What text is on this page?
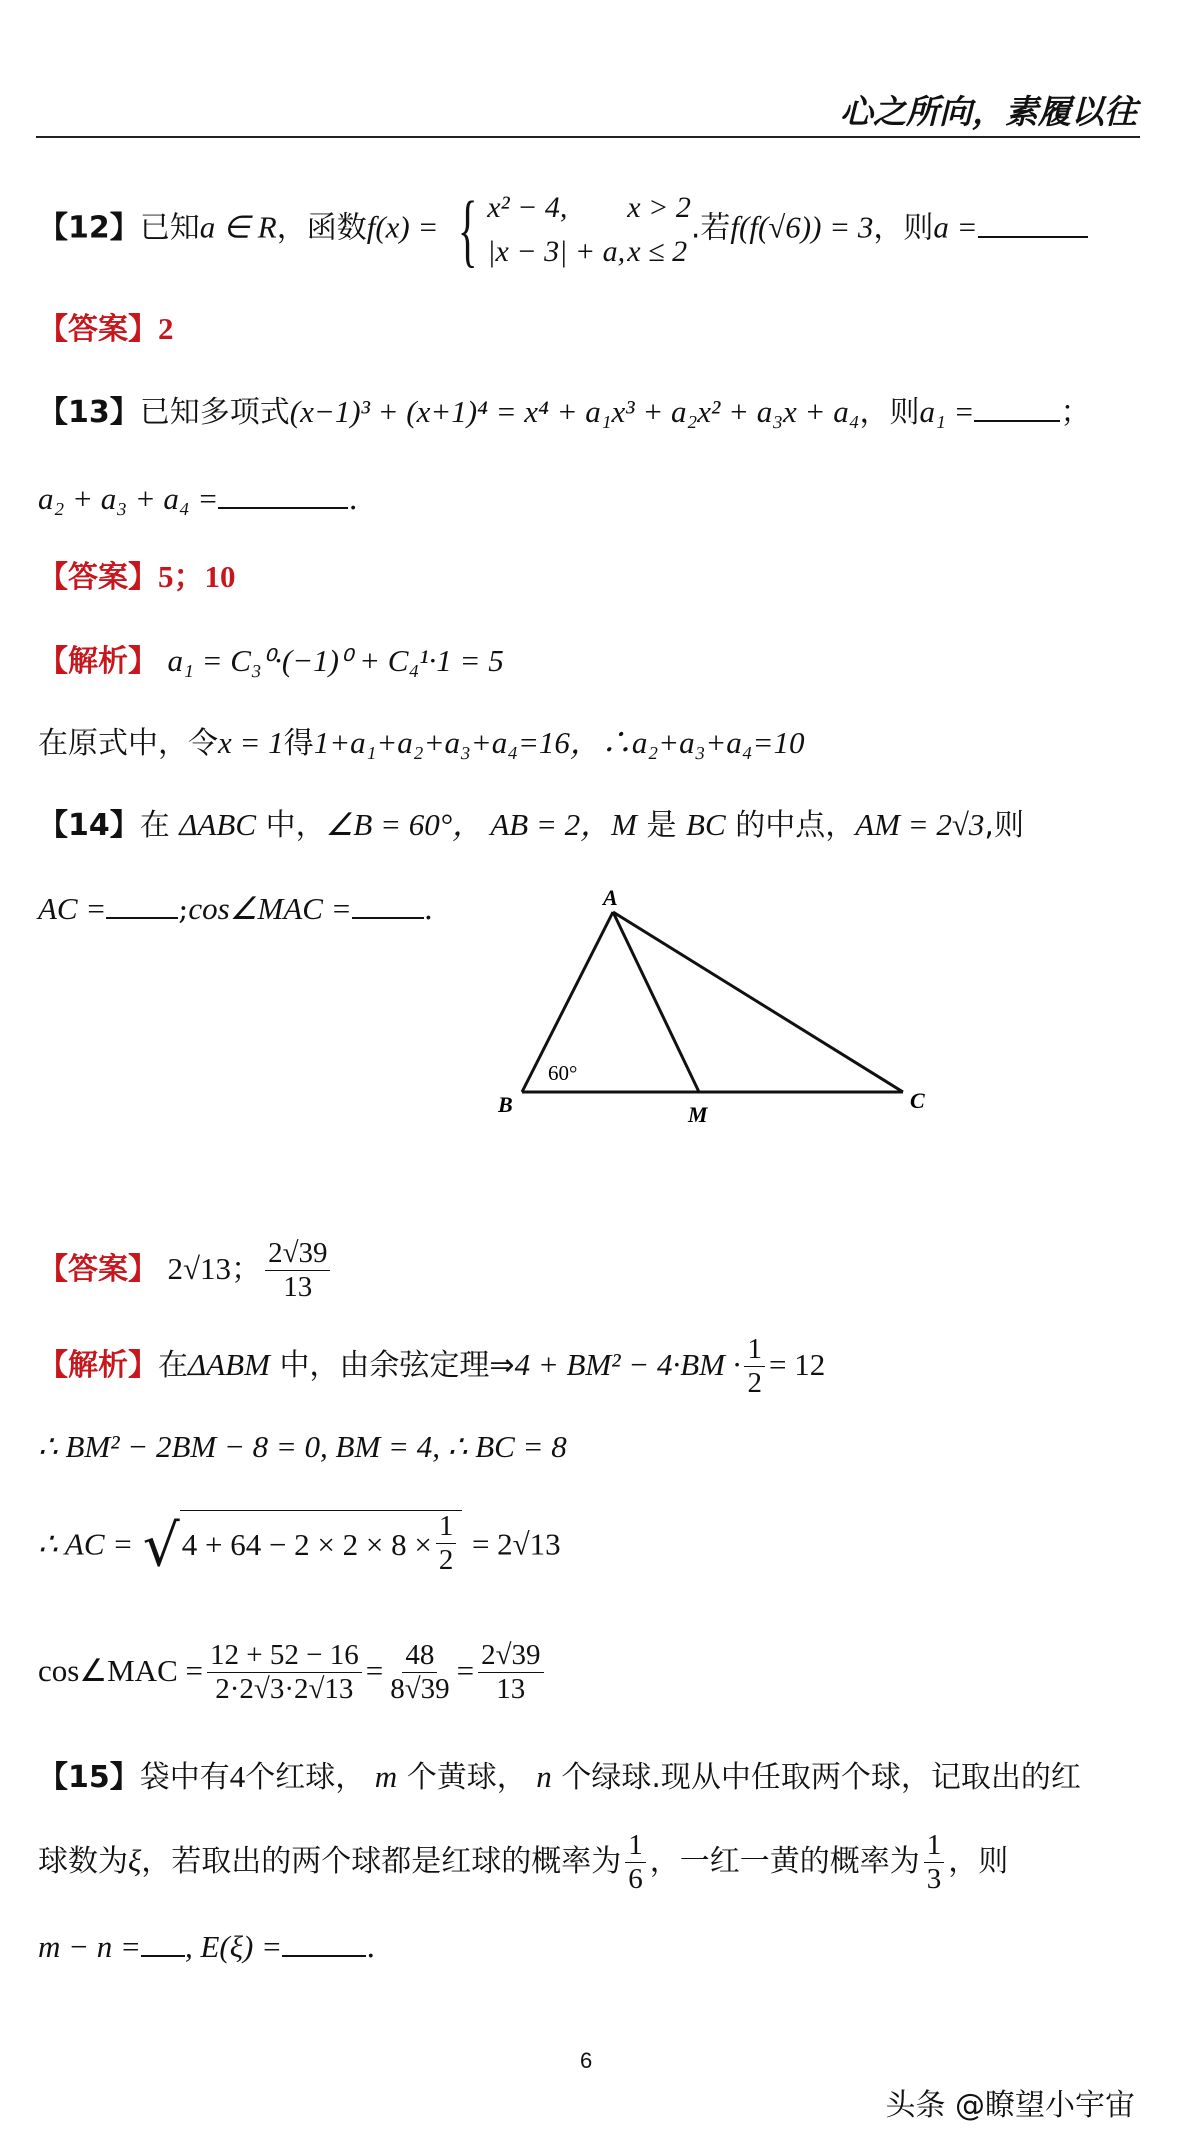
心之所向，素履以往
【12】已知a ∈ R，函数f(x) = { x² − 4, x > 2
|x − 3| + a,x ≤ 2
.若f(f(√6)) = 3，则a =
【答案】2
【13】已知多项式(x−1)³ + (x+1)⁴ = x⁴ + a₁x³ + a₂x² + a₃x + a₄，则a₁ =	；
a₂ + a₃ + a₄ =	.
【答案】5；10
【解析】 a₁ = C₃⁰·(−1)⁰ + C₄¹·1 = 5
在原式中，令x = 1得1+a₁+a₂+a₃+a₄=16，∴a₂+a₃+a₄=10
【14】在 ΔABC 中，∠B = 60°， AB = 2，M 是 BC 的中点，AM = 2√3,则
AC = ;cos∠MAC = .	A
B	M
C
60°
【答案】 2√13； $\frac{2√39}{13}$
【解析】在ΔABM 中，由余弦定理⇒4 + $BM^2 - 4\cdot BM \cdot \frac{1}{2} = 12$
∴ BM² − 2BM − 8 = 0, BM = 4, ∴ BC = 8
∴ AC = √ $4 + 64 - 2 \times 2 \times 8 \times \frac{1}{2} = 2√13$
cos∠MAC = $\frac{12 + 52 - 16}{2\cdot 2√3\cdot 2√13} = \frac{48}{8√39} = \frac{2√39}{13}$
【15】袋中有4个红球， m 个黄球， n 个绿球.现从中任取两个球，记取出的红
球数为ξ，若取出的两个球都是红球的概率为 $\frac{1}{6}$ ，一红一黄的概率为 $\frac{1}{3}$ ，则
m − n = , E(ξ) =	.
6
头条 @瞭望小宇宙
